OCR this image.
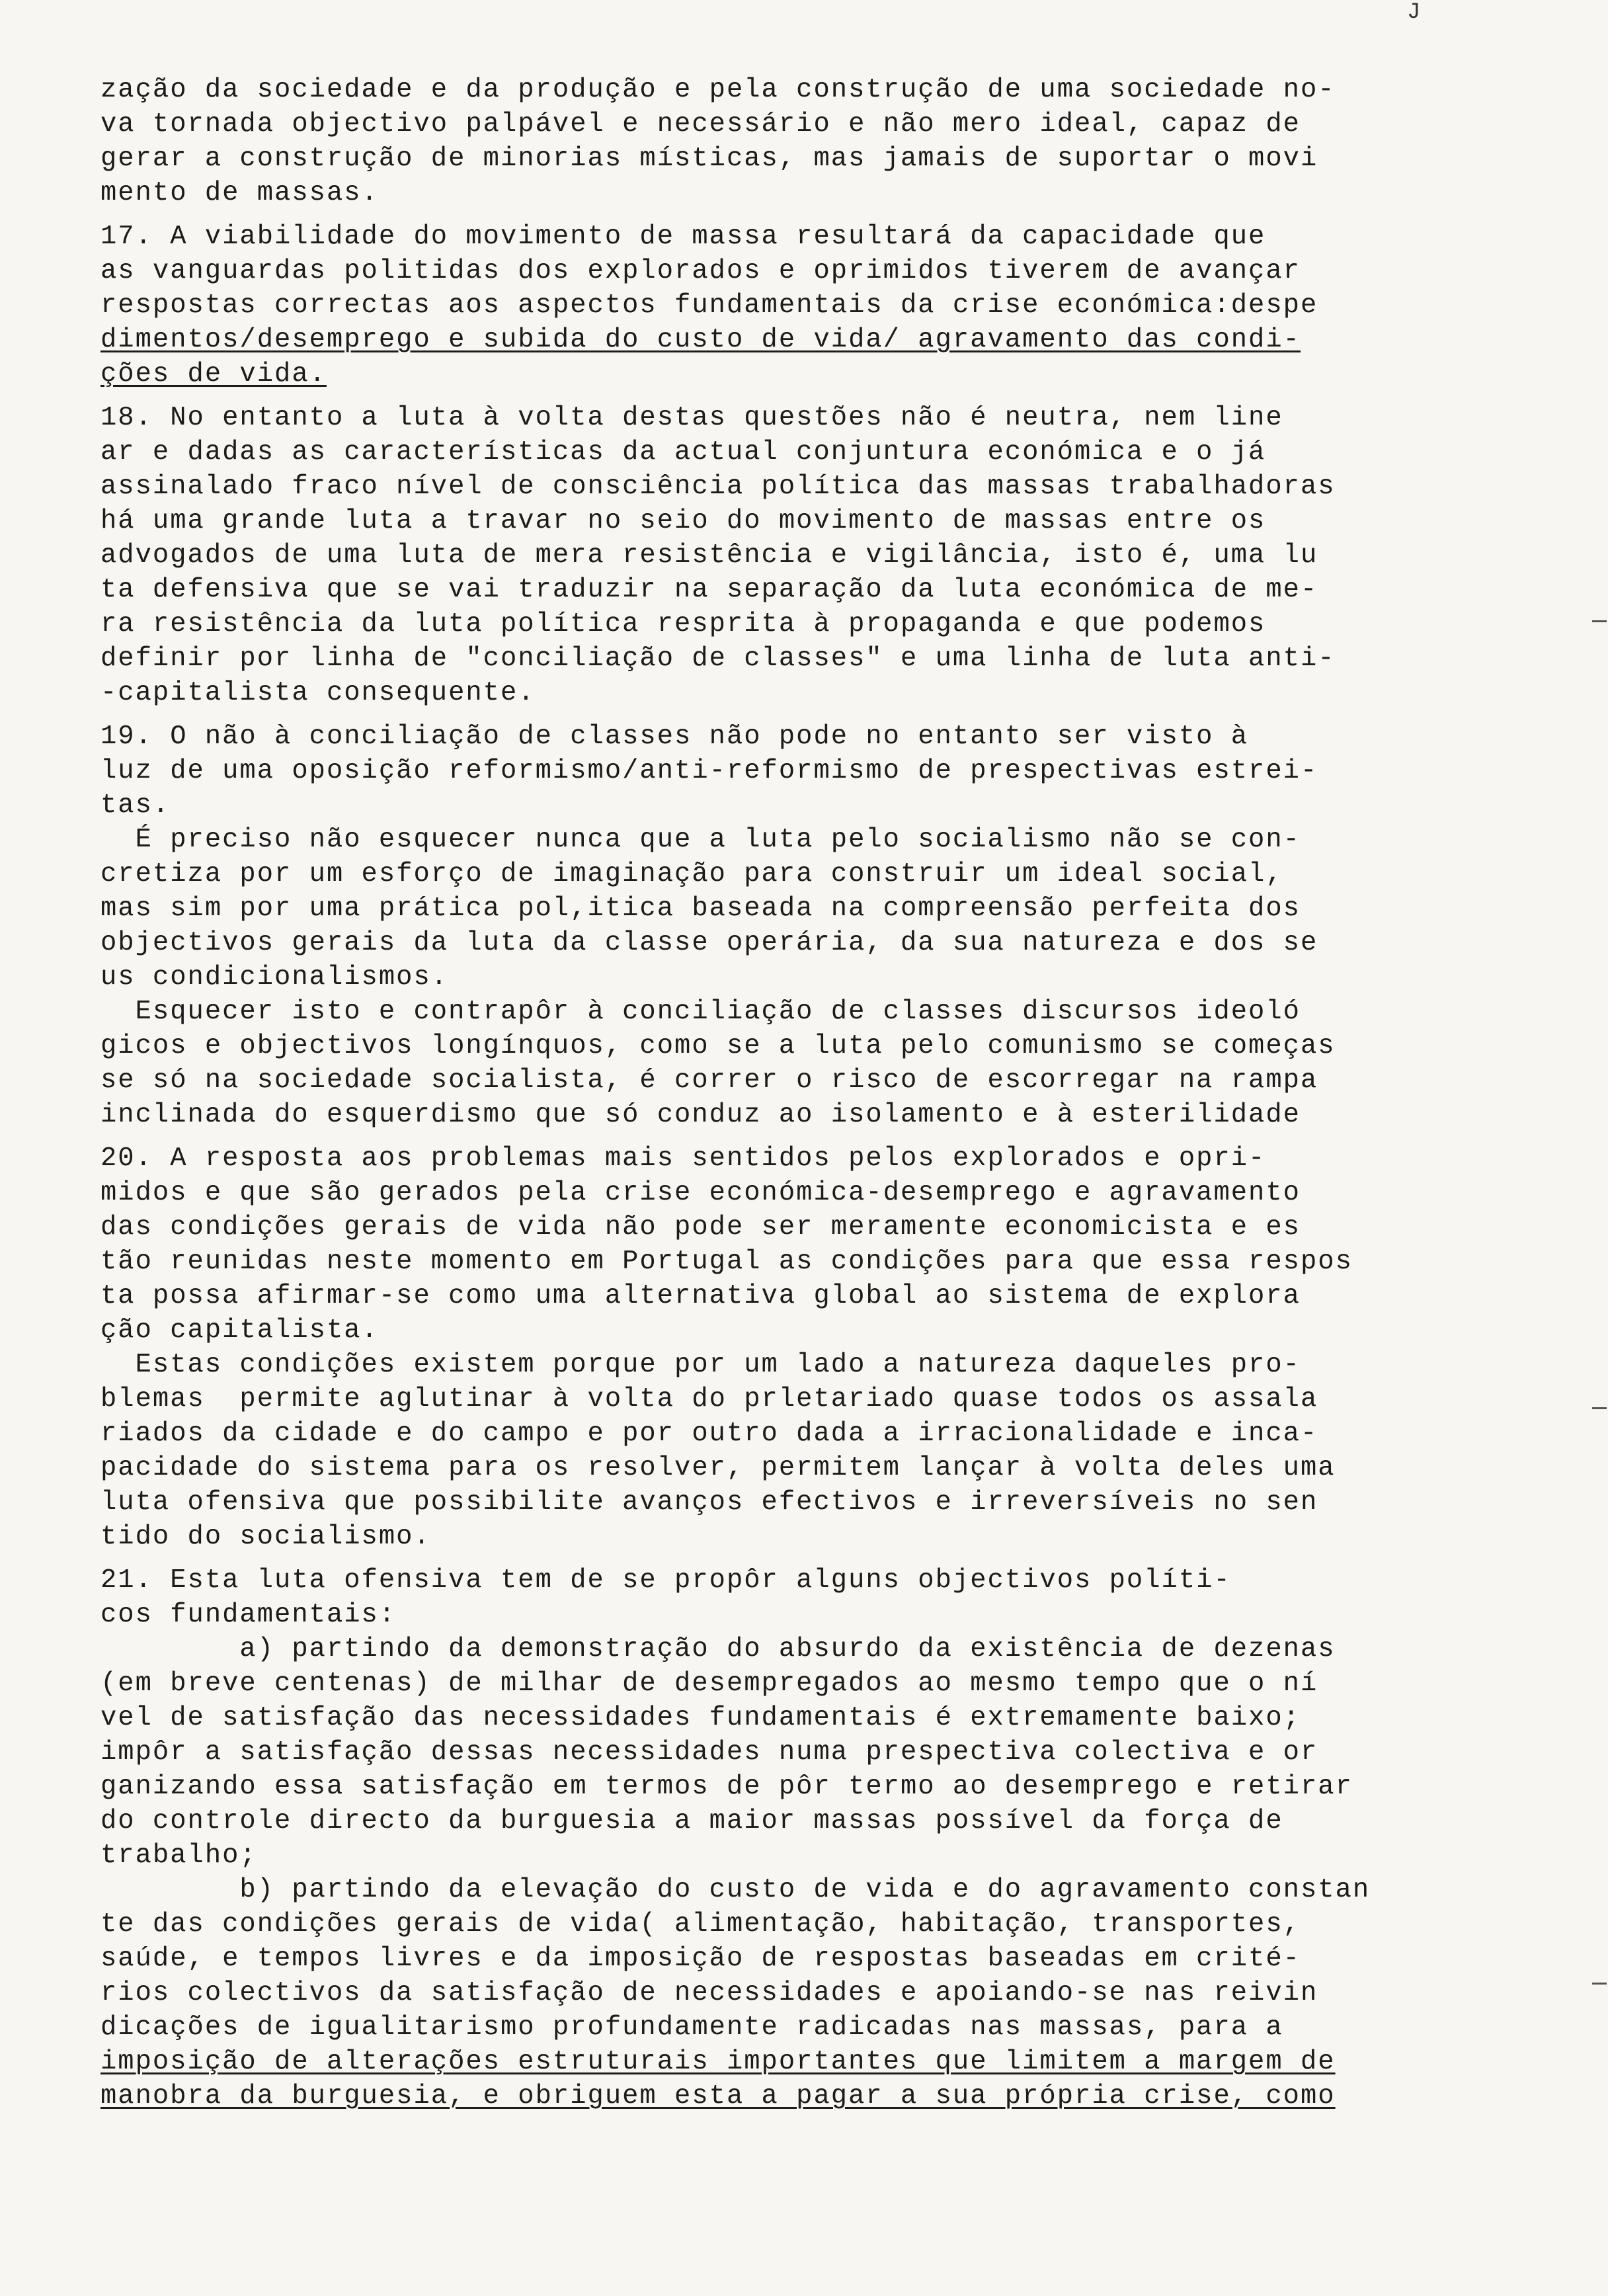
J
zação da sociedade e da produção e pela construção de uma sociedade no-
va tornada objectivo palpável e necessário e não mero ideal, capaz de
gerar a construção de minorias místicas, mas jamais de suportar o movi
mento de massas.
17. A viabilidade do movimento de massa resultará da capacidade que
as vanguardas politidas dos explorados e oprimidos tiverem de avançar
respostas correctas aos aspectos fundamentais da crise económica:despe
dimentos/desemprego e subida do custo de vida/ agravamento das condi-
ções de vida.
18. No entanto a luta à volta destas questões não é neutra, nem line
ar e dadas as características da actual conjuntura económica e o já
assinalado fraco nível de consciência política das massas trabalhadoras
há uma grande luta a travar no seio do movimento de massas entre os
advogados de uma luta de mera resistência e vigilância, isto é, uma lu
ta defensiva que se vai traduzir na separação da luta económica de me-
ra resistência da luta política resprita à propaganda e que podemos
definir por linha de "conciliação de classes" e uma linha de luta anti-
-capitalista consequente.
19. O não à conciliação de classes não pode no entanto ser visto à
luz de uma oposição reformismo/anti-reformismo de prespectivas estrei-
tas.
É preciso não esquecer nunca que a luta pelo socialismo não se con-
cretiza por um esforço de imaginação para construir um ideal social,
mas sim por uma prática pol,itica baseada na compreensão perfeita dos
objectivos gerais da luta da classe operária, da sua natureza e dos se
us condicionalismos.
Esquecer isto e contrapôr à conciliação de classes discursos ideoló
gicos e objectivos longínquos, como se a luta pelo comunismo se começas
se só na sociedade socialista, é correr o risco de escorregar na rampa
inclinada do esquerdismo que só conduz ao isolamento e à esterilidade
20. A resposta aos problemas mais sentidos pelos explorados e opri-
midos e que são gerados pela crise económica-desemprego e agravamento
das condições gerais de vida não pode ser meramente economicista e es
tão reunidas neste momento em Portugal as condições para que essa respos
ta possa afirmar-se como uma alternativa global ao sistema de explora
ção capitalista.
Estas condições existem porque por um lado a natureza daqueles pro-
blemas  permite aglutinar à volta do prletariado quase todos os assala
riados da cidade e do campo e por outro dada a irracionalidade e inca-
pacidade do sistema para os resolver, permitem lançar à volta deles uma
luta ofensiva que possibilite avanços efectivos e irreversíveis no sen
tido do socialismo.
21. Esta luta ofensiva tem de se propôr alguns objectivos políti-
cos fundamentais:
a) partindo da demonstração do absurdo da existência de dezenas
(em breve centenas) de milhar de desempregados ao mesmo tempo que o ní
vel de satisfação das necessidades fundamentais é extremamente baixo;
impôr a satisfação dessas necessidades numa prespectiva colectiva e or
ganizando essa satisfação em termos de pôr termo ao desemprego e retirar
do controle directo da burguesia a maior massas possível da força de
trabalho;
b) partindo da elevação do custo de vida e do agravamento constan
te das condições gerais de vida( alimentação, habitação, transportes,
saúde, e tempos livres e da imposição de respostas baseadas em crité-
rios colectivos da satisfação de necessidades e apoiando-se nas reivin
dicações de igualitarismo profundamente radicadas nas massas, para a
imposição de alterações estruturais importantes que limitem a margem de
manobra da burguesia, e obriguem esta a pagar a sua própria crise, como
